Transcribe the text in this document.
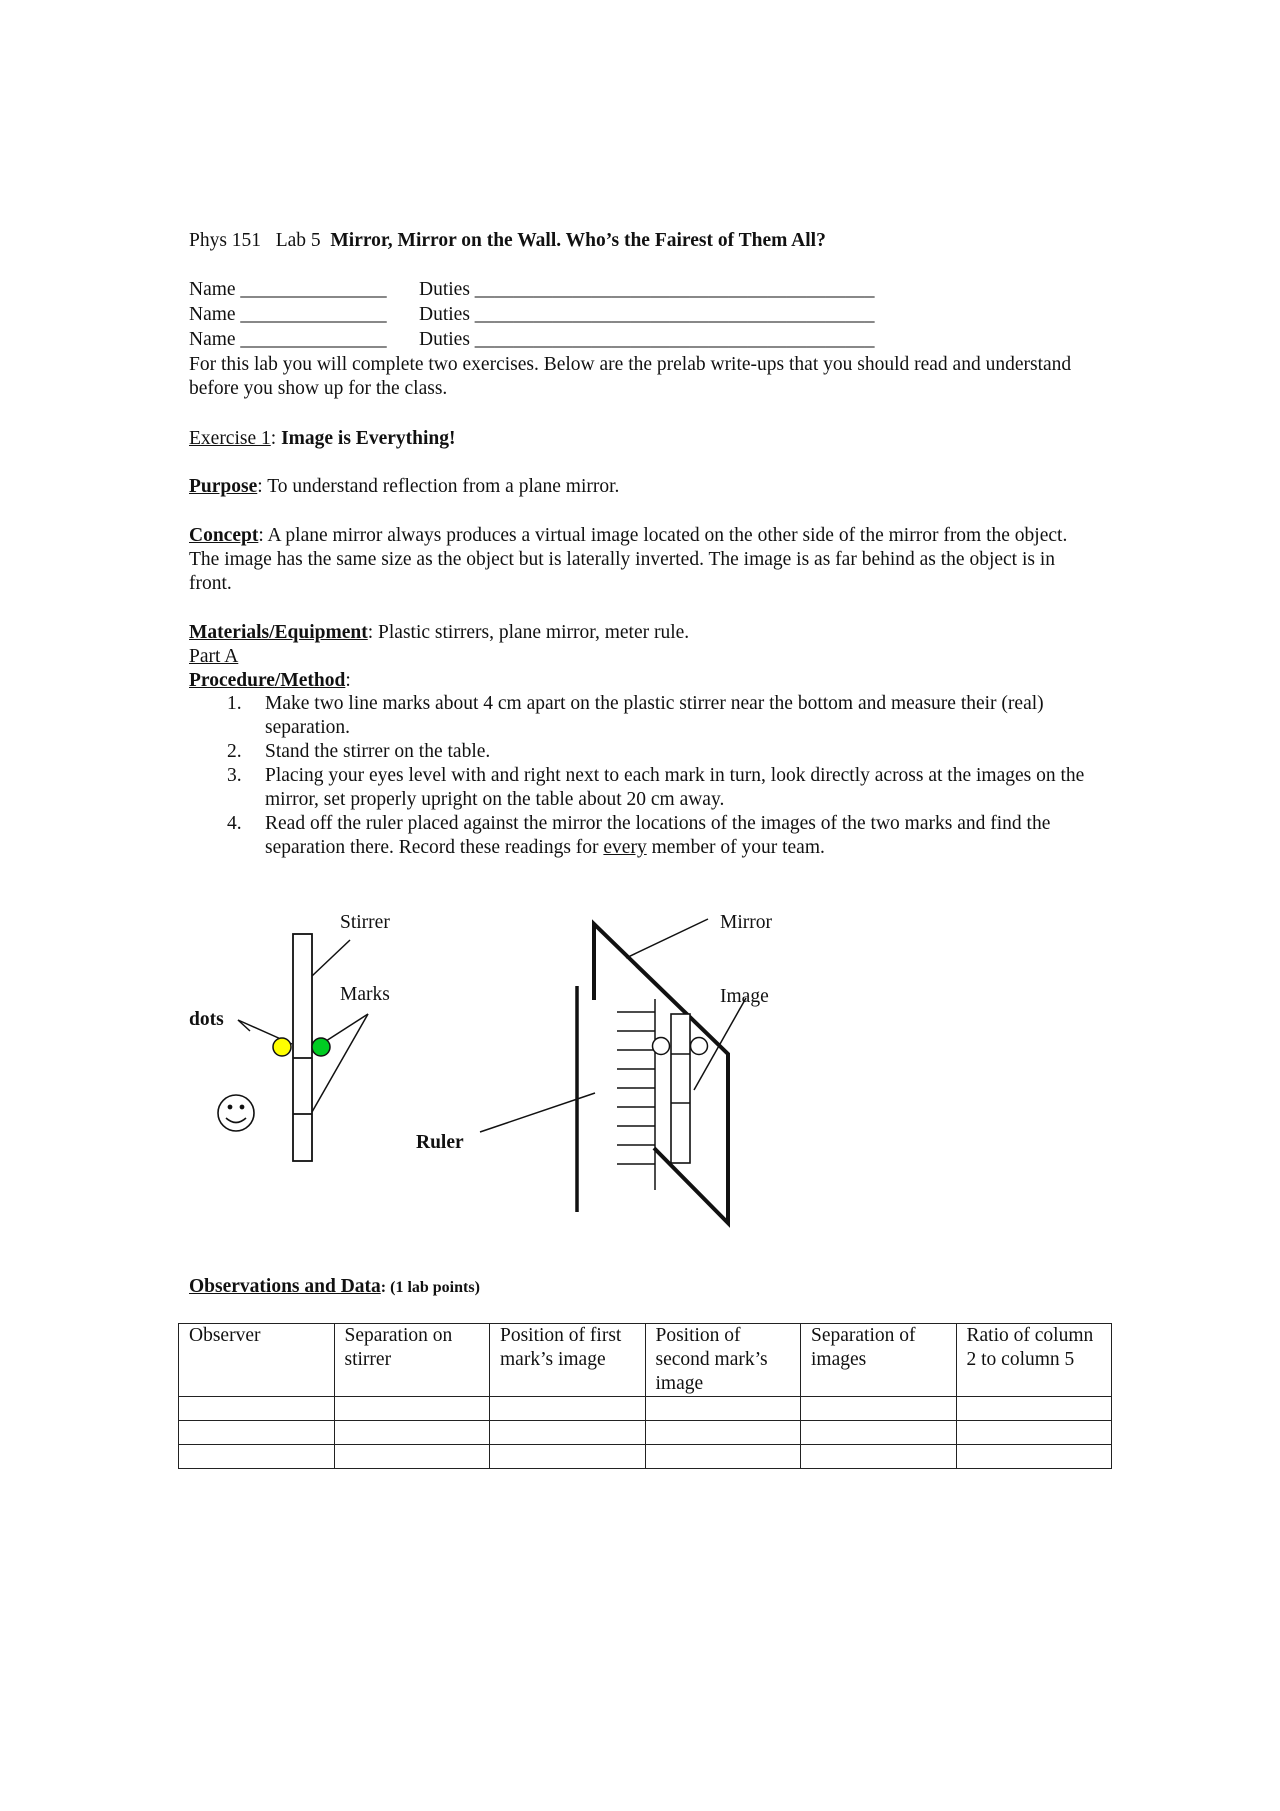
Phys 151 Lab 5 Mirror, Mirror on the Wall. Who’s the Fairest of Them All?
Name _______________ Duties _________________________________________
Name _______________ Duties _________________________________________
Name _______________ Duties _________________________________________
For this lab you will complete two exercises. Below are the prelab write-ups that you should read and understand before you show up for the class.
Exercise 1: Image is Everything!
Purpose: To understand reflection from a plane mirror.
Concept: A plane mirror always produces a virtual image located on the other side of the mirror from the object. The image has the same size as the object but is laterally inverted. The image is as far behind as the object is in front.
Materials/Equipment: Plastic stirrers, plane mirror, meter rule.
Part A
Procedure/Method:
1. Make two line marks about 4 cm apart on the plastic stirrer near the bottom and measure their (real) separation.
2. Stand the stirrer on the table.
3. Placing your eyes level with and right next to each mark in turn, look directly across at the images on the mirror, set properly upright on the table about 20 cm away.
4. Read off the ruler placed against the mirror the locations of the images of the two marks and find the separation there. Record these readings for every member of your team.
Stirrer
Marks
dots
Ruler
Mirror
Image
Observations and Data: (1 lab points)
Observer	Separation on stirrer	Position of first mark’s image	Position of second mark’s image	Separation of images	Ratio of column 2 to column 5
